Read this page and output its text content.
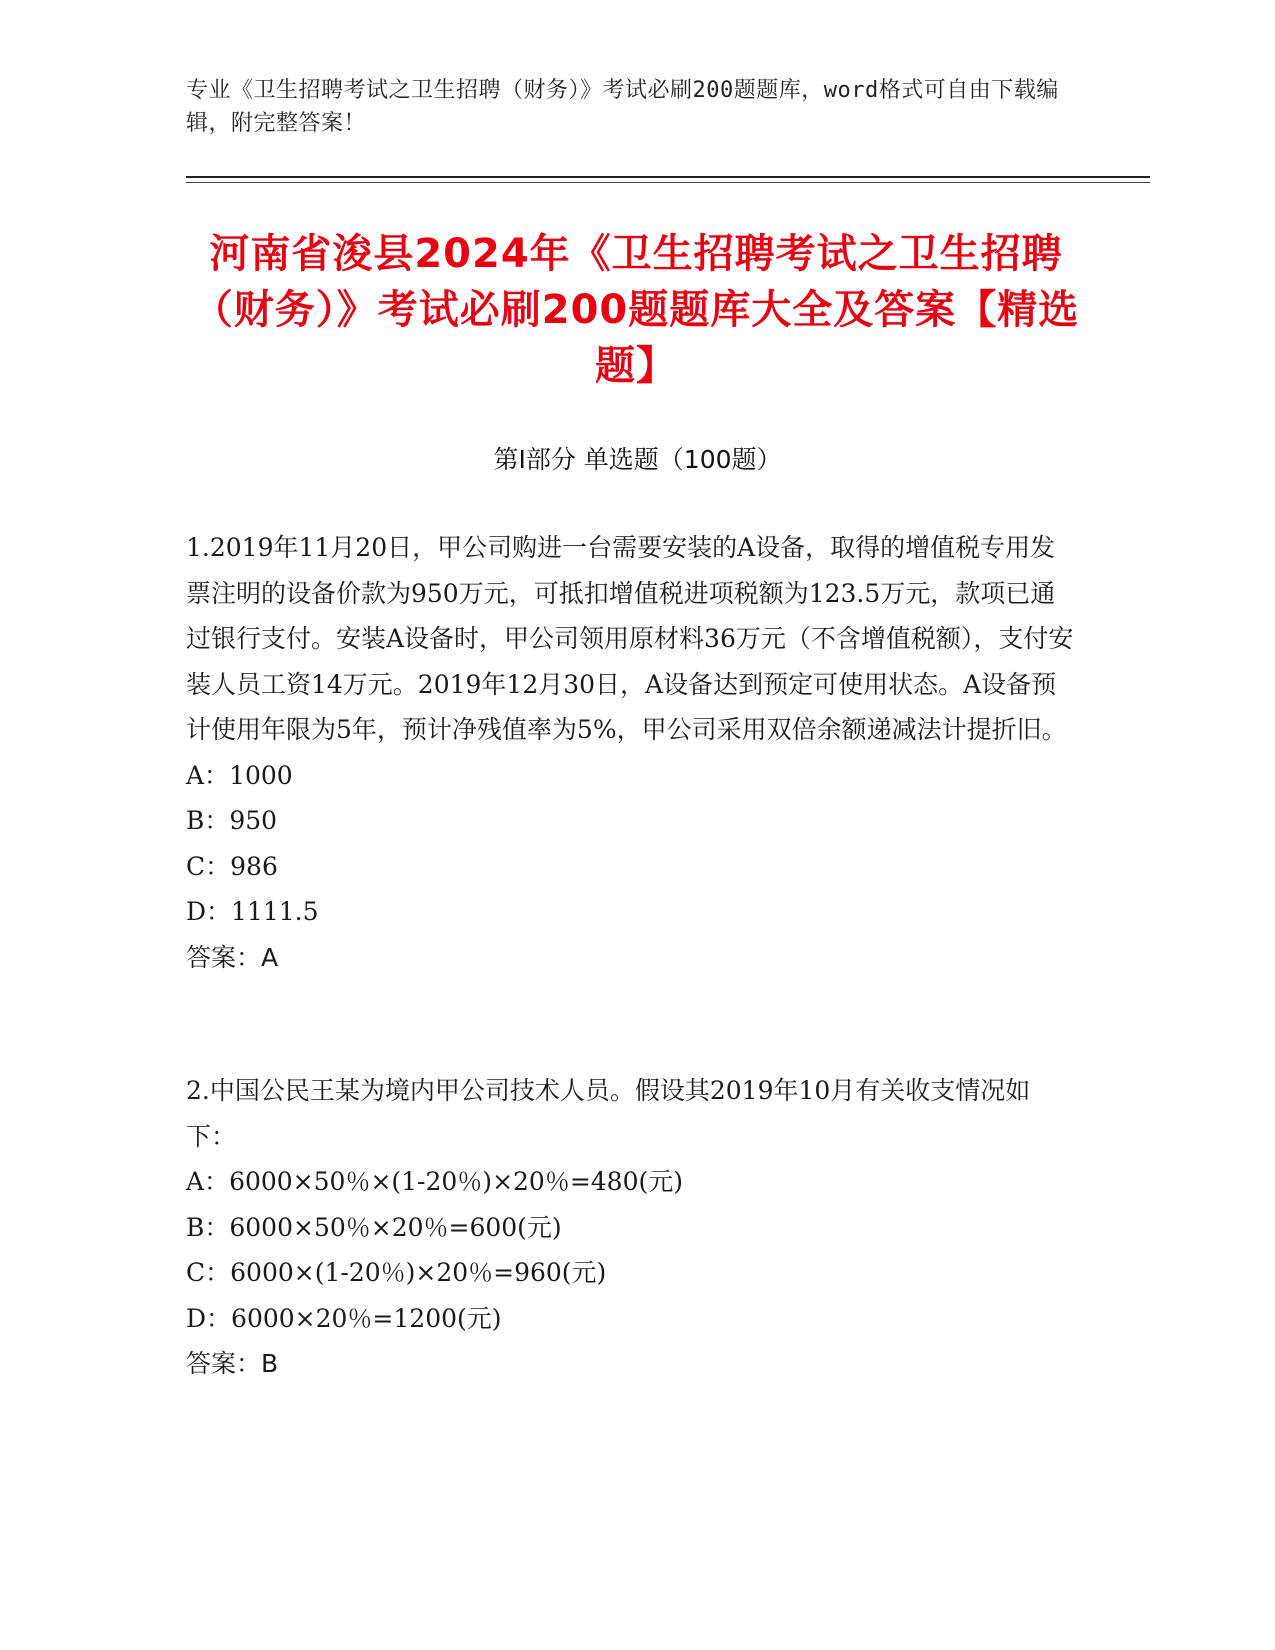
专业《卫生招聘考试之卫生招聘（财务）》考试必刷200题题库，word格式可自由下载编辑，附完整答案！
河南省浚县2024年《卫生招聘考试之卫生招聘（财务）》考试必刷200题题库大全及答案【精选题】
第I部分 单选题（100题）

1.2019年11月20日，甲公司购进一台需要安装的A设备，取得的增值税专用发票注明的设备价款为950万元，可抵扣增值税进项税额为123.5万元，款项已通过银行支付。安装A设备时，甲公司领用原材料36万元（不含增值税额），支付安装人员工资14万元。2019年12月30日，A设备达到预定可使用状态。A设备预计使用年限为5年，预计净残值率为5%，甲公司采用双倍余额递减法计提折旧。

A：1000

B：950

C：986

D：1111.5

答案：A

2.中国公民王某为境内甲公司技术人员。假设其2019年10月有关收支情况如下：

A：6000×50％×(1-20％)×20％=480(元)

B：6000×50％×20％=600(元)

C：6000×(1-20％)×20％=960(元)

D：6000×20％=1200(元)

答案：B
